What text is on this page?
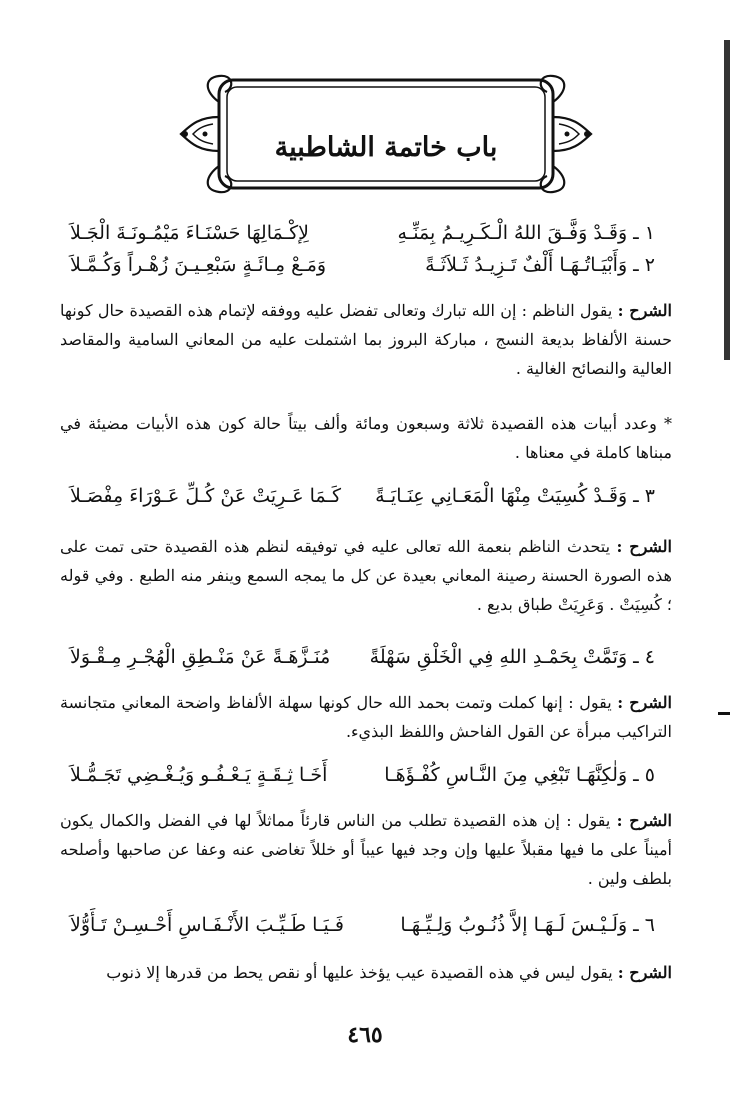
باب خاتمة الشاطبية
١ ـ وَقَـدْ وَفَّـقَ اللهُ الْـكَـرِيـمُ بِمَنِّـهِ
لِإكْـمَالِهَا حَسْنَـاءَ مَيْمُـونَـةَ الْجَـلاَ
٢ ـ وَأَبْيَـاتُـهَـا أَلْفٌ تَـزِيـدُ ثَـلاَثَـةً
وَمَـعْ مِـائَـةٍ سَبْعِـيـنَ زُهْـراً وَكُـمَّـلاَ
الشرح : يقول الناظم : إن الله تبارك وتعالى تفضل عليه ووفقه لإتمام هذه القصيدة حال كونها حسنة الألفاظ بديعة النسج ، مباركة البروز بما اشتملت عليه من المعاني السامية والمقاصد العالية والنصائح الغالية .
* وعدد أبيات هذه القصيدة ثلاثة وسبعون ومائة وألف بيتاً حالة كون هذه الأبيات مضيئة في مبناها كاملة في معناها .
٣ ـ وَقَـدْ كُسِيَتْ مِنْهَا الْمَعَـانِي عِنَـايَـةً
كَـمَا عَـرِيَتْ عَنْ كُـلِّ عَـوْرَاءَ مِفْصَـلاَ
الشرح : يتحدث الناظم بنعمة الله تعالى عليه في توفيقه لنظم هذه القصيدة حتى تمت على هذه الصورة الحسنة رصينة المعاني بعيدة عن كل ما يمجه السمع وينفر منه الطبع . وفي قوله ؛ كُسِيَتْ . وَعَرِيَتْ طباق بديع .
٤ ـ وَتَمَّتْ بِحَمْـدِ اللهِ فِي الْخَلْقِ سَهْلَةً
مُنَـزَّهَـةً عَنْ مَنْـطِقِ الْهُجْـرِ مِـقْـوَلاَ
الشرح : يقول : إنها كملت وتمت بحمد الله حال كونها سهلة الألفاظ واضحة المعاني متجانسة التراكيب مبرأة عن القول الفاحش واللفظ البذيء.
٥ ـ وَلٰكِنَّهَـا تَبْغِي مِنَ النَّـاسِ كُفْـؤَهَـا
أَخَـا ثِـقَـةٍ يَـعْـفُـو وَيُـغْـضِي تَجَـمُّـلاَ
الشرح : يقول : إن هذه القصيدة تطلب من الناس قارئاً مماثلاً لها في الفضل والكمال يكون أميناً على ما فيها مقبلاً عليها وإن وجد فيها عيباً أو خللاً تغاضى عنه وعفا عن صاحبها وأصلحه بلطف ولين .
٦ ـ وَلَـيْـسَ لَـهَـا إلاَّ ذُنُـوبُ وَلِـيِّـهَـا
فَـيَـا طَـيِّـبَ الأَنْـفَـاسِ أَحْـسِـنْ تَـأَوُّلاَ
الشرح : يقول ليس في هذه القصيدة عيب يؤخذ عليها أو نقص يحط من قدرها إلا ذنوب
٤٦٥
